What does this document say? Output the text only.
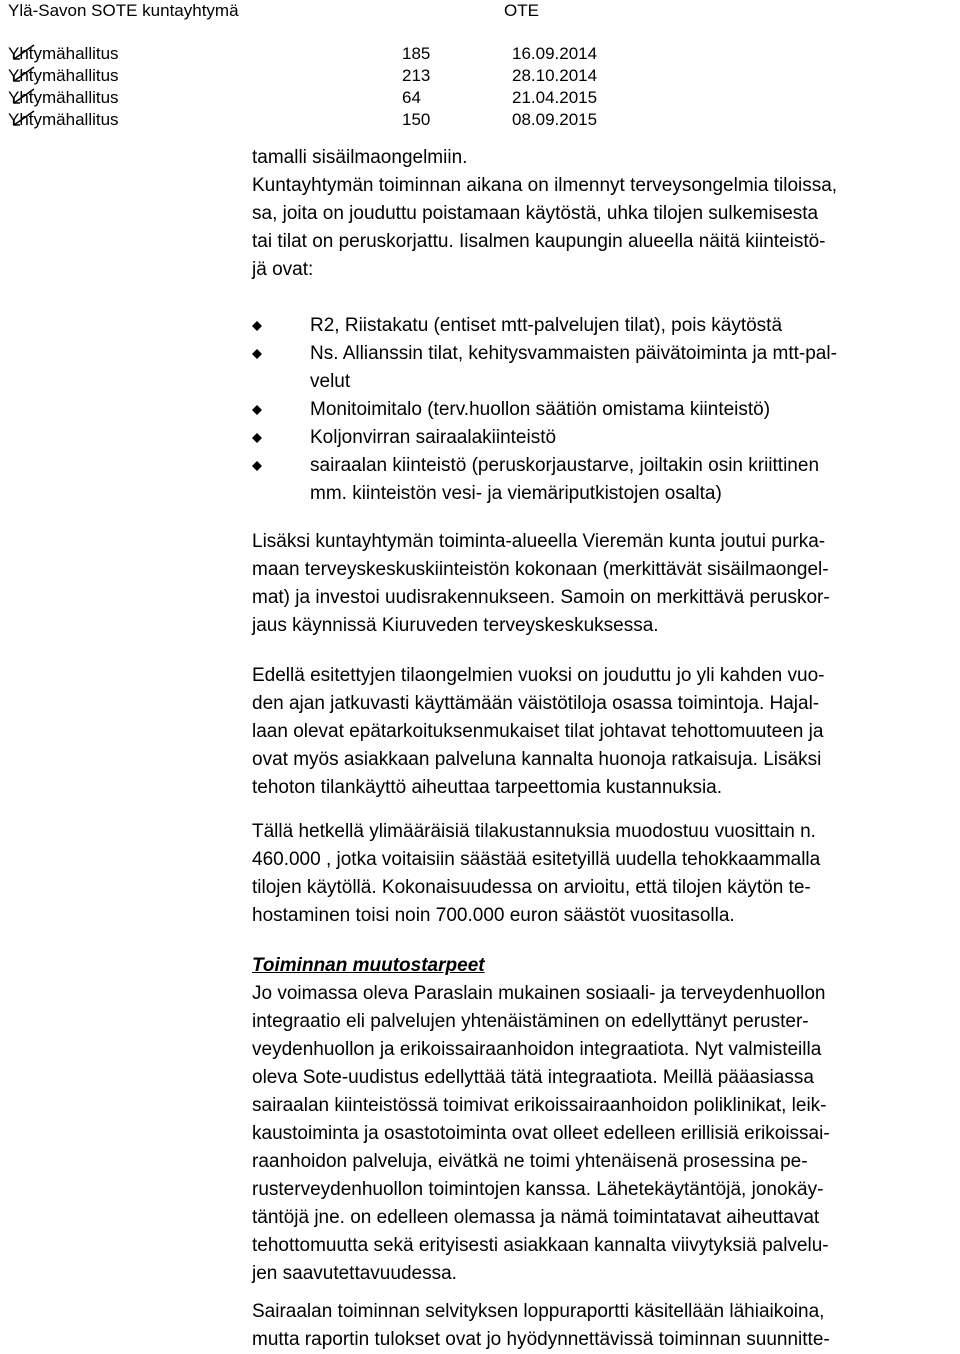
Ylä-Savon SOTE kuntayhtymä	OTE
Yhtymähallitus	185	16.09.2014
Yhtymähallitus	213	28.10.2014
Yhtymähallitus	64	21.04.2015
Yhtymähallitus	150	08.09.2015
tamalli sisäilmaongelmiin.
Kuntayhtymän toiminnan aikana on ilmennyt terveysongelmia tiloissa,
sa, joita on jouduttu poistamaan käytöstä, uhka tilojen sulkemisesta
tai tilat on peruskorjattu. Iisalmen kaupungin alueella näitä kiinteistö-
jä ovat:
R2, Riistakatu (entiset mtt-palvelujen tilat), pois käytöstä
Ns. Allianssin tilat, kehitysvammaisten päivätoiminta ja mtt-pal-
velut
Monitoimitalo (terv.huollon säätiön omistama kiinteistö)
Koljonvirran sairaalakiinteistö
sairaalan kiinteistö (peruskorjaustarve, joiltakin osin kriittinen
mm. kiinteistön vesi- ja viemäriputkistojen osalta)
Lisäksi kuntayhtymän toiminta-alueella Vieremän kunta joutui purka-
maan terveyskeskuskiinteistön kokonaan (merkittävät sisäilmaongel-
mat) ja investoi uudisrakennukseen. Samoin on merkittävä peruskor-
jaus käynnissä Kiuruveden terveyskeskuksessa.
Edellä esitettyjen tilaongelmien vuoksi on jouduttu jo yli kahden vuo-
den ajan jatkuvasti käyttämään väistötiloja osassa toimintoja. Hajal-
laan olevat epätarkoituksenmukaiset tilat johtavat tehottomuuteen ja
ovat myös asiakkaan palveluna kannalta huonoja ratkaisuja. Lisäksi
tehoton tilankäyttö aiheuttaa tarpeettomia kustannuksia.
Tällä hetkellä ylimääräisiä tilakustannuksia muodostuu vuosittain n.
460.000 , jotka voitaisiin säästää esitetyillä uudella tehokkaammalla
tilojen käytöllä. Kokonaisuudessa on arvioitu, että tilojen käytön te-
hostaminen toisi noin 700.000 euron säästöt vuositasolla.
Toiminnan muutostarpeet
Jo voimassa oleva Paraslain mukainen sosiaali- ja terveydenhuollon
integraatio eli palvelujen yhtenäistäminen on edellyttänyt peruster-
veydenhuollon ja erikoissairaanhoidon integraatiota. Nyt valmisteilla
oleva Sote-uudistus edellyttää tätä integraatiota. Meillä pääasiassa
sairaalan kiinteistössä toimivat erikoissairaanhoidon poliklinikat, leik-
kaustoiminta ja osastotoiminta ovat olleet edelleen erillisiä erikoissai-
raanhoidon palveluja, eivätkä ne toimi yhtenäisenä prosessina pe-
rusterveydenhuollon toimintojen kanssa. Lähetekäytäntöjä, jonokäy-
täntöjä jne. on edelleen olemassa ja nämä toimintatavat aiheuttavat
tehottomuutta sekä erityisesti asiakkaan kannalta viivytyksiä palvelu-
jen saavutettavuudessa.
Sairaalan toiminnan selvityksen loppuraportti käsitellään lähiaikoina,
mutta raportin tulokset ovat jo hyödynnettävissä toiminnan suunnitte-
